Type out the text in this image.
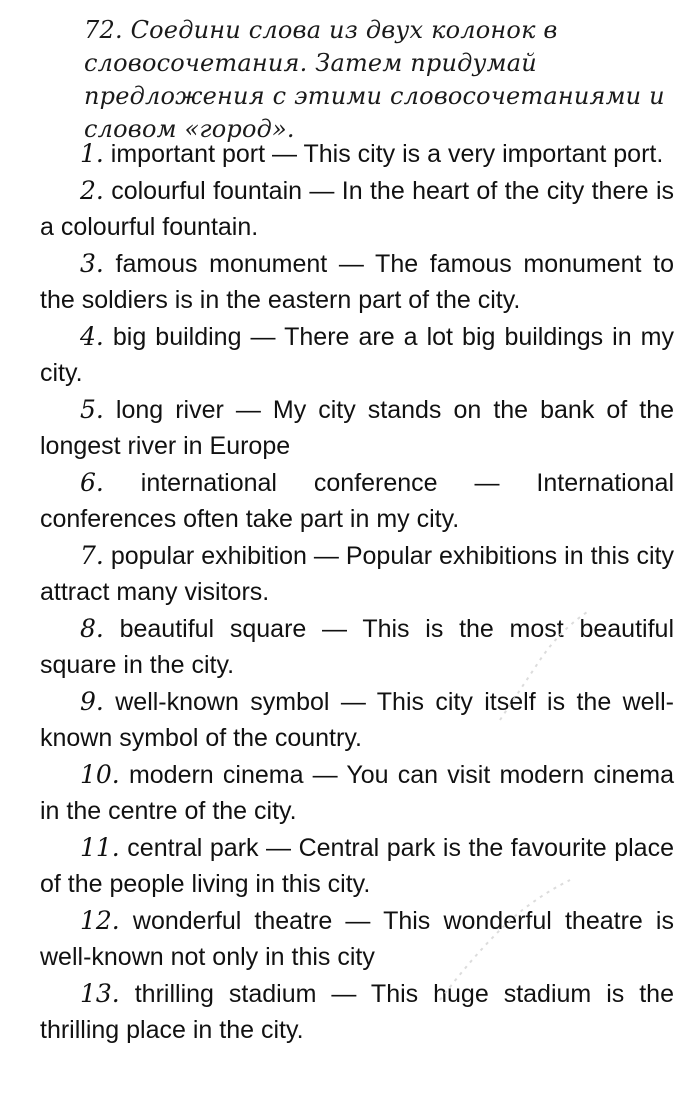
72. Соедини слова из двух колонок в словосочетания. Затем придумай предложения с этими словосочетаниями и словом «город».

1. important port — This city is a very important port.

2. colourful fountain — In the heart of the city there is a colourful fountain.

3. famous monument — The famous monument to the soldiers is in the eastern part of the city.

4. big building — There are a lot big buildings in my city.

5. long river — My city stands on the bank of the longest river in Europe

6. international conference — International conferences often take part in my city.

7. popular exhibition — Popular exhibitions in this city attract many visitors.

8. beautiful square — This is the most beautiful square in the city.

9. well-known symbol — This city itself is the well-known symbol of the country.

10. modern cinema — You can visit modern cinema in the centre of the city.

11. central park — Central park is the favourite place of the people living in this city.

12. wonderful theatre — This wonderful theatre is well-known not only in this city

13. thrilling stadium — This huge stadium is the thrilling place in the city.
